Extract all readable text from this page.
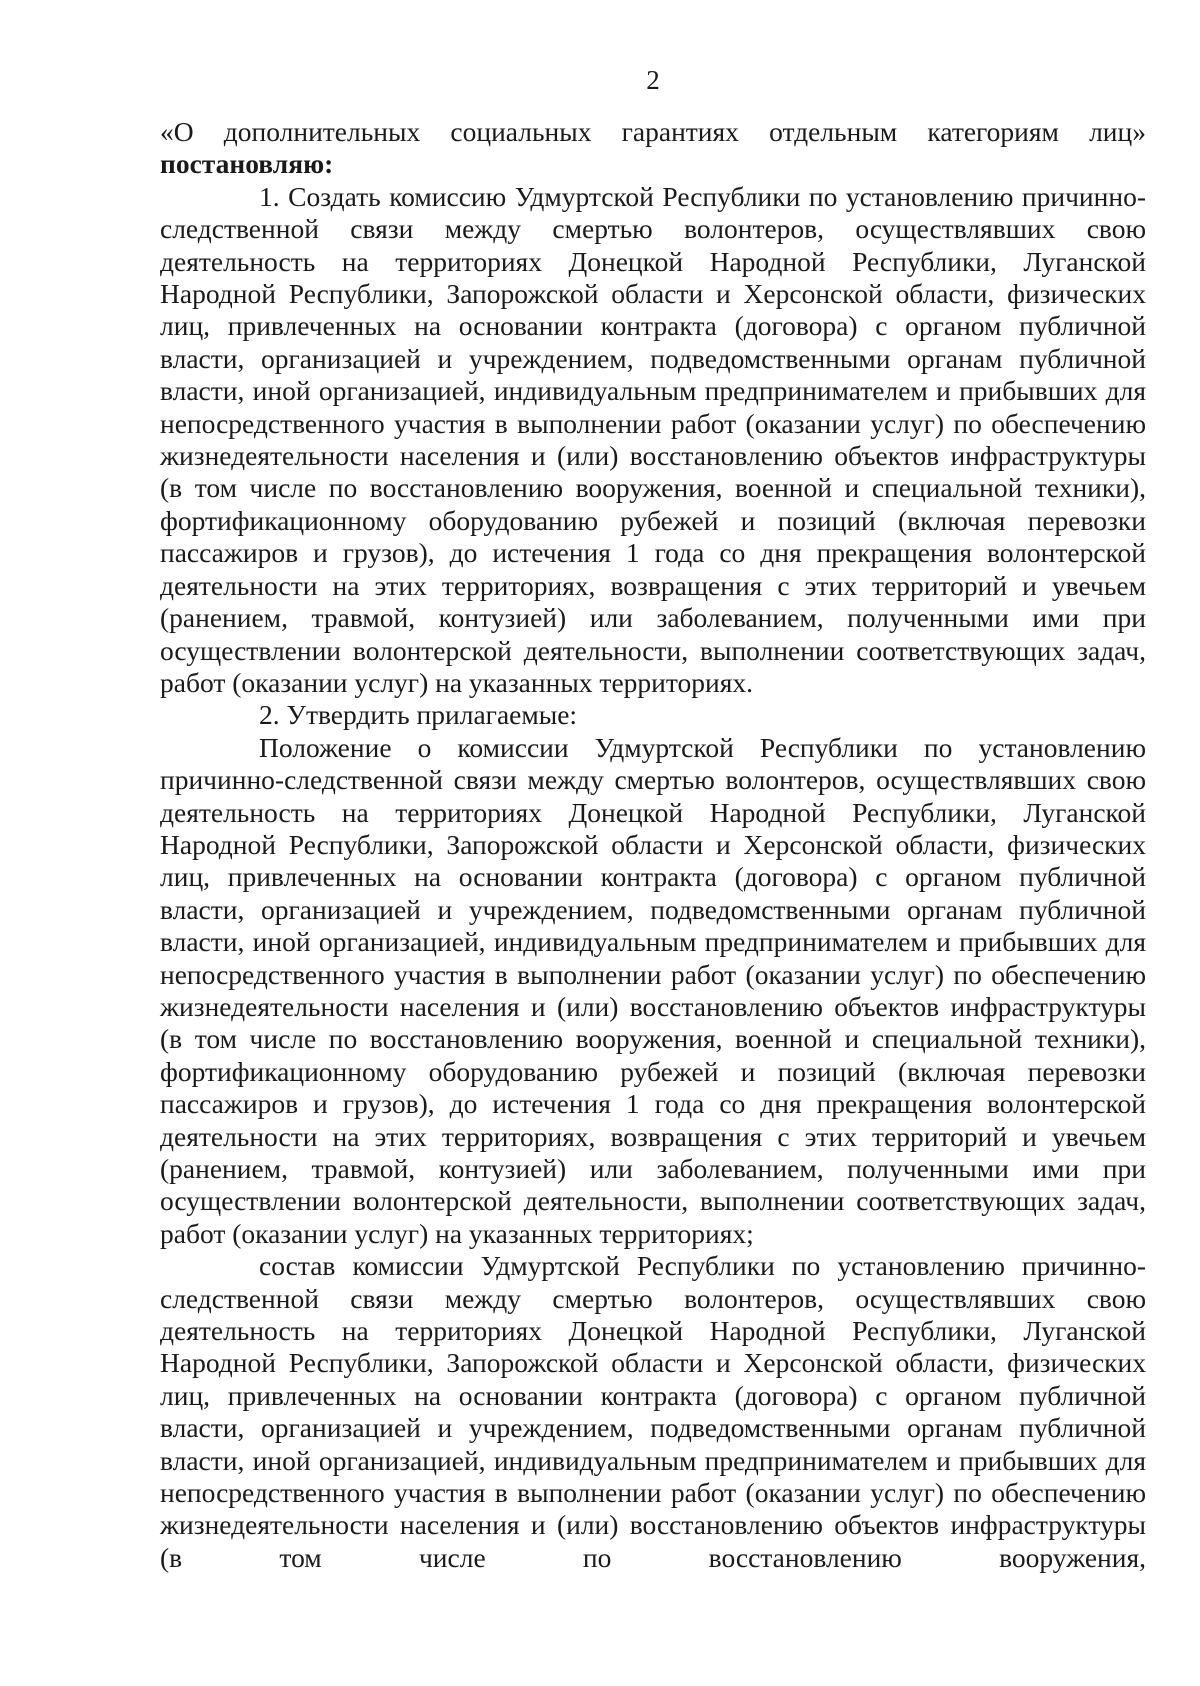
2

«О дополнительных социальных гарантиях отдельным категориям лиц»

постановляю:

1. Создать комиссию Удмуртской Республики по установлению причинно-следственной связи между смертью волонтеров, осуществлявших свою деятельность на территориях Донецкой Народной Республики, Луганской Народной Республики, Запорожской области и Херсонской области, физических лиц, привлеченных на основании контракта (договора) с органом публичной власти, организацией и учреждением, подведомственными органам публичной власти, иной организацией, индивидуальным предпринимателем и прибывших для непосредственного участия в выполнении работ (оказании услуг) по обеспечению жизнедеятельности населения и (или) восстановлению объектов инфраструктуры (в том числе по восстановлению вооружения, военной и специальной техники), фортификационному оборудованию рубежей и позиций (включая перевозки пассажиров и грузов), до истечения 1 года со дня прекращения волонтерской деятельности на этих территориях, возвращения с этих территорий и увечьем (ранением, травмой, контузией) или заболеванием, полученными ими при осуществлении волонтерской деятельности, выполнении соответствующих задач, работ (оказании услуг) на указанных территориях.

2. Утвердить прилагаемые:

Положение о комиссии Удмуртской Республики по установлению причинно-следственной связи между смертью волонтеров, осуществлявших свою деятельность на территориях Донецкой Народной Республики, Луганской Народной Республики, Запорожской области и Херсонской области, физических лиц, привлеченных на основании контракта (договора) с органом публичной власти, организацией и учреждением, подведомственными органам публичной власти, иной организацией, индивидуальным предпринимателем и прибывших для непосредственного участия в выполнении работ (оказании услуг) по обеспечению жизнедеятельности населения и (или) восстановлению объектов инфраструктуры (в том числе по восстановлению вооружения, военной и специальной техники), фортификационному оборудованию рубежей и позиций (включая перевозки пассажиров и грузов), до истечения 1 года со дня прекращения волонтерской деятельности на этих территориях, возвращения с этих территорий и увечьем (ранением, травмой, контузией) или заболеванием, полученными ими при осуществлении волонтерской деятельности, выполнении соответствующих задач, работ (оказании услуг) на указанных территориях;

состав комиссии Удмуртской Республики по установлению причинно-следственной связи между смертью волонтеров, осуществлявших свою деятельность на территориях Донецкой Народной Республики, Луганской Народной Республики, Запорожской области и Херсонской области, физических лиц, привлеченных на основании контракта (договора) с органом публичной власти, организацией и учреждением, подведомственными органам публичной власти, иной организацией, индивидуальным предпринимателем и прибывших для непосредственного участия в выполнении работ (оказании услуг) по обеспечению жизнедеятельности населения и (или) восстановлению объектов инфраструктуры (в том числе по восстановлению вооружения,
